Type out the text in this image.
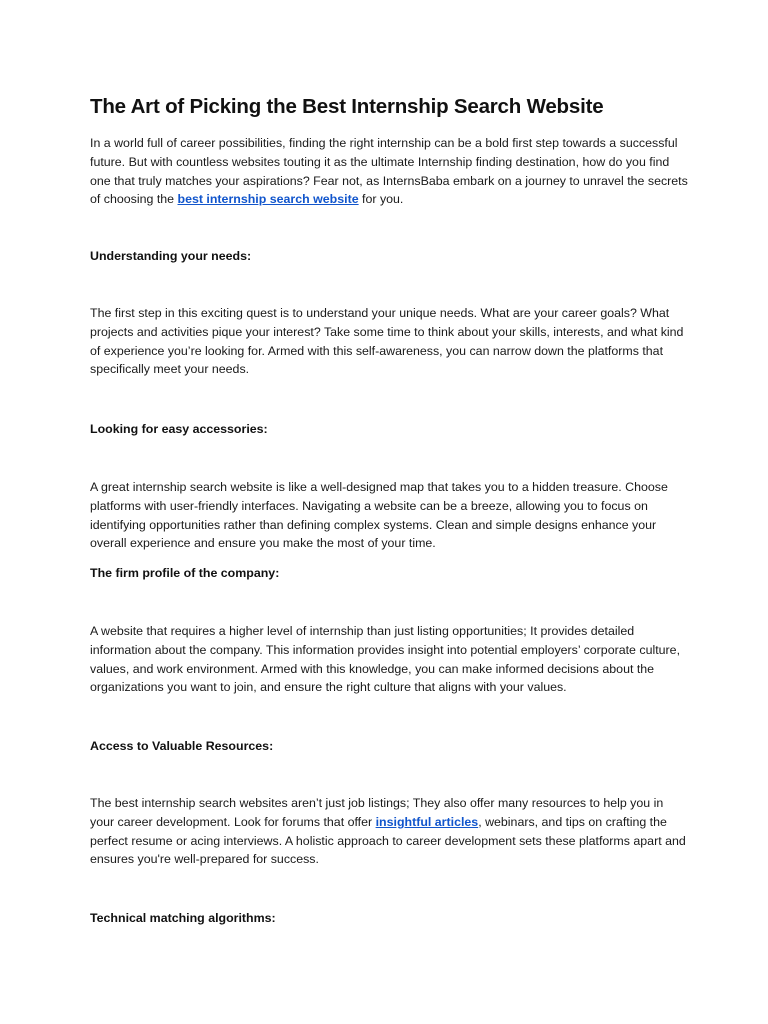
The Art of Picking the Best Internship Search Website

In a world full of career possibilities, finding the right internship can be a bold first step towards a successful future. But with countless websites touting it as the ultimate Internship finding destination, how do you find one that truly matches your aspirations? Fear not, as InternsBaba embark on a journey to unravel the secrets of choosing the best internship search website for you.

Understanding your needs:

The first step in this exciting quest is to understand your unique needs. What are your career goals? What projects and activities pique your interest? Take some time to think about your skills, interests, and what kind of experience you’re looking for. Armed with this self-awareness, you can narrow down the platforms that specifically meet your needs.

Looking for easy accessories:

A great internship search website is like a well-designed map that takes you to a hidden treasure. Choose platforms with user-friendly interfaces. Navigating a website can be a breeze, allowing you to focus on identifying opportunities rather than defining complex systems. Clean and simple designs enhance your overall experience and ensure you make the most of your time.

The firm profile of the company:

A website that requires a higher level of internship than just listing opportunities; It provides detailed information about the company. This information provides insight into potential employers’ corporate culture, values, and work environment. Armed with this knowledge, you can make informed decisions about the organizations you want to join, and ensure the right culture that aligns with your values.

Access to Valuable Resources:

The best internship search websites aren’t just job listings; They also offer many resources to help you in your career development. Look for forums that offer insightful articles, webinars, and tips on crafting the perfect resume or acing interviews. A holistic approach to career development sets these platforms apart and ensures you're well-prepared for success.

Technical matching algorithms:
